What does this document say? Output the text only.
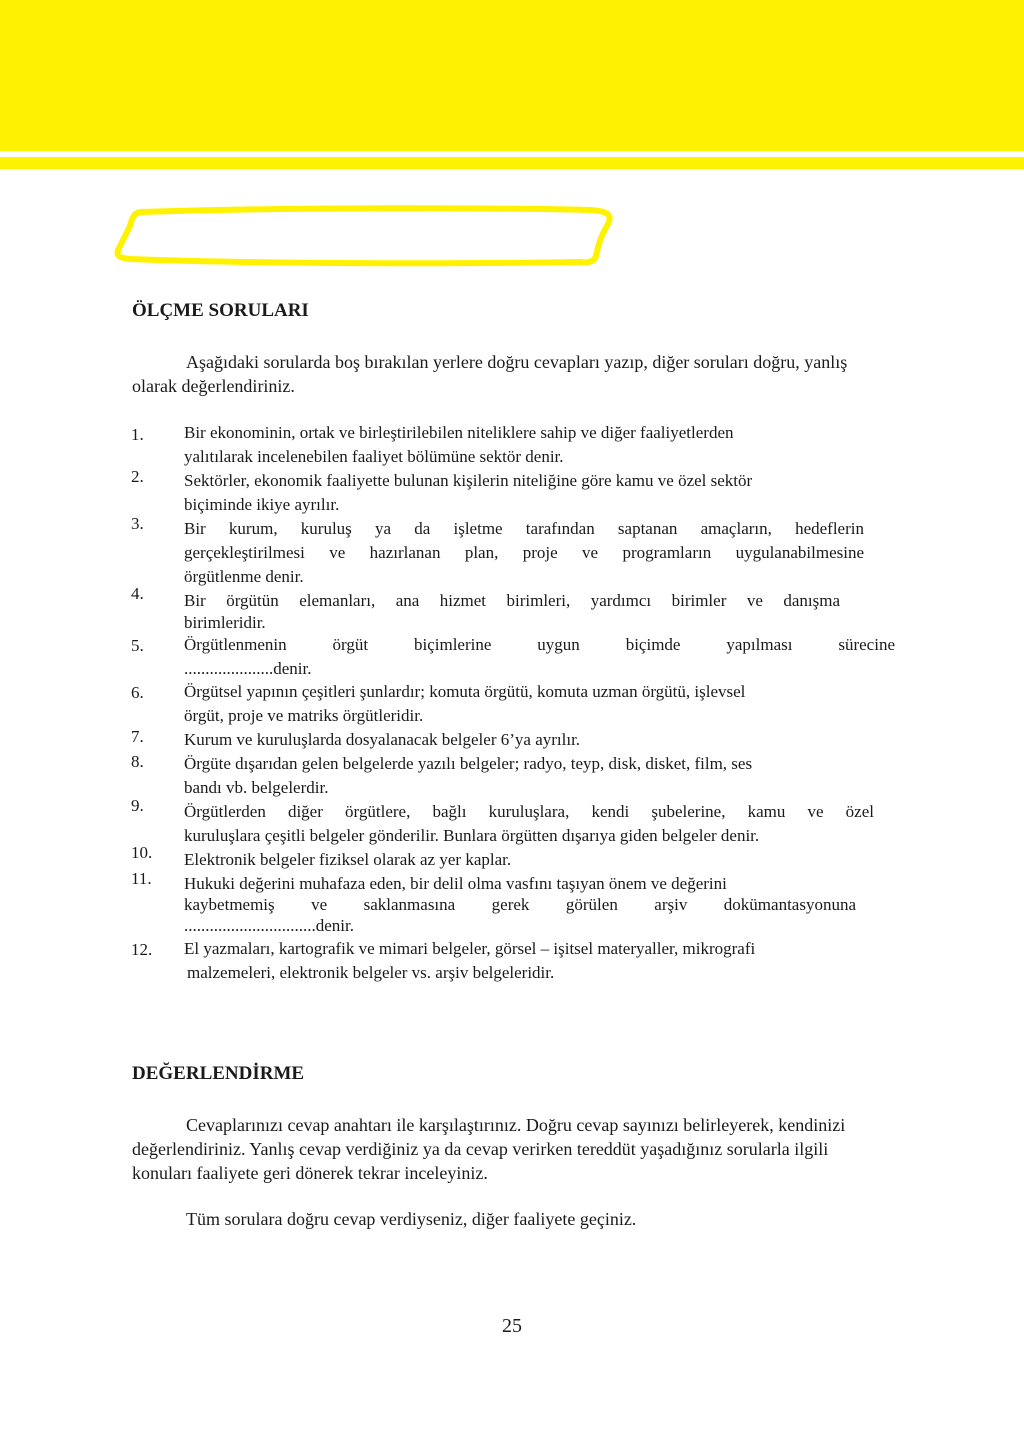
ÖLÇME SORULARI

Aşağıdaki sorularda boş bırakılan yerlere doğru cevapları yazıp, diğer soruları doğru, yanlış olarak değerlendiriniz.

1. Bir ekonominin, ortak ve birleştirilebilen niteliklere sahip ve diğer faaliyetlerden
yalıtılarak incelenebilen faaliyet bölümüne sektör denir.
2. Sektörler, ekonomik faaliyette bulunan kişilerin niteliğine göre kamu ve özel sektör
biçiminde ikiye ayrılır.
3. Bir kurum, kuruluş ya da işletme tarafından saptanan amaçların, hedeflerin
gerçekleştirilmesi ve hazırlanan plan, proje ve programların uygulanabilmesine
örgütlenme denir.
4. Bir örgütün elemanları, ana hizmet birimleri, yardımcı birimler ve danışma
birimleridir.
5. Örgütlenmenin örgüt biçimlerine uygun biçimde yapılması sürecine
.....................denir.
6. Örgütsel yapının çeşitleri şunlardır; komuta örgütü, komuta uzman örgütü, işlevsel
örgüt, proje ve matriks örgütleridir.
7. Kurum ve kuruluşlarda dosyalanacak belgeler 6’ya ayrılır.
8. Örgüte dışarıdan gelen belgelerde yazılı belgeler; radyo, teyp, disk, disket, film, ses
bandı vb. belgelerdir.
9. Örgütlerden diğer örgütlere, bağlı kuruluşlara, kendi şubelerine, kamu ve özel
kuruluşlara çeşitli belgeler gönderilir. Bunlara örgütten dışarıya giden belgeler denir.
10. Elektronik belgeler fiziksel olarak az yer kaplar.
11. Hukuki değerini muhafaza eden, bir delil olma vasfını taşıyan önem ve değerini
kaybetmemiş ve saklanmasına gerek görülen arşiv dokümantasyonuna
...............................denir.
12. El yazmaları, kartografik ve mimari belgeler, görsel – işitsel materyaller, mikrografi
malzemeleri, elektronik belgeler vs. arşiv belgeleridir.
DEĞERLENDİRME

Cevaplarınızı cevap anahtarı ile karşılaştırınız. Doğru cevap sayınızı belirleyerek, kendinizi değerlendiriniz. Yanlış cevap verdiğiniz ya da cevap verirken tereddüt yaşadığınız sorularla ilgili konuları faaliyete geri dönerek tekrar inceleyiniz.

Tüm sorulara doğru cevap verdiyseniz, diğer faaliyete geçiniz.

25
